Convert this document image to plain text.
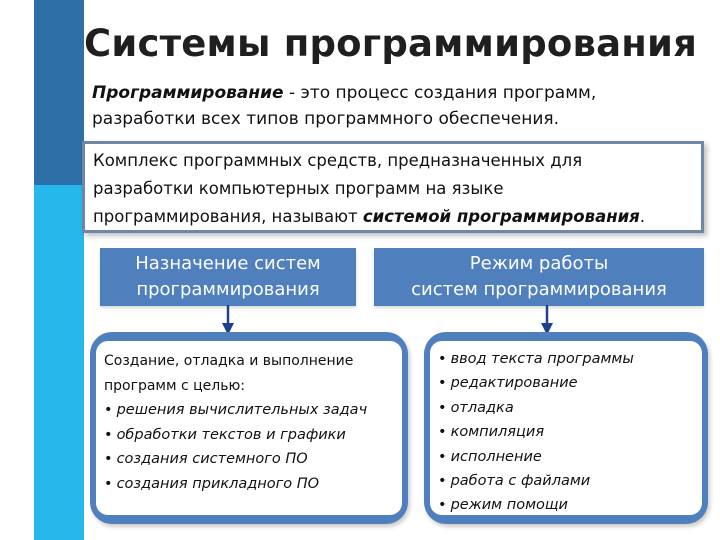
Системы программирования
Программирование - это процесс создания программ,
разработки всех типов программного обеспечения.
Комплекс программных средств, предназначенных для
разработки компьютерных программ на языке
программирования, называют системой программирования.
Назначение систем
программирования
Режим работы
систем программирования
Создание, отладка и выполнение
программ с целью:
• решения вычислительных задач
• обработки текстов и графики
• создания системного ПО
• создания прикладного ПО
• ввод текста программы
• редактирование
• отладка
• компиляция
• исполнение
• работа с файлами
• режим помощи
